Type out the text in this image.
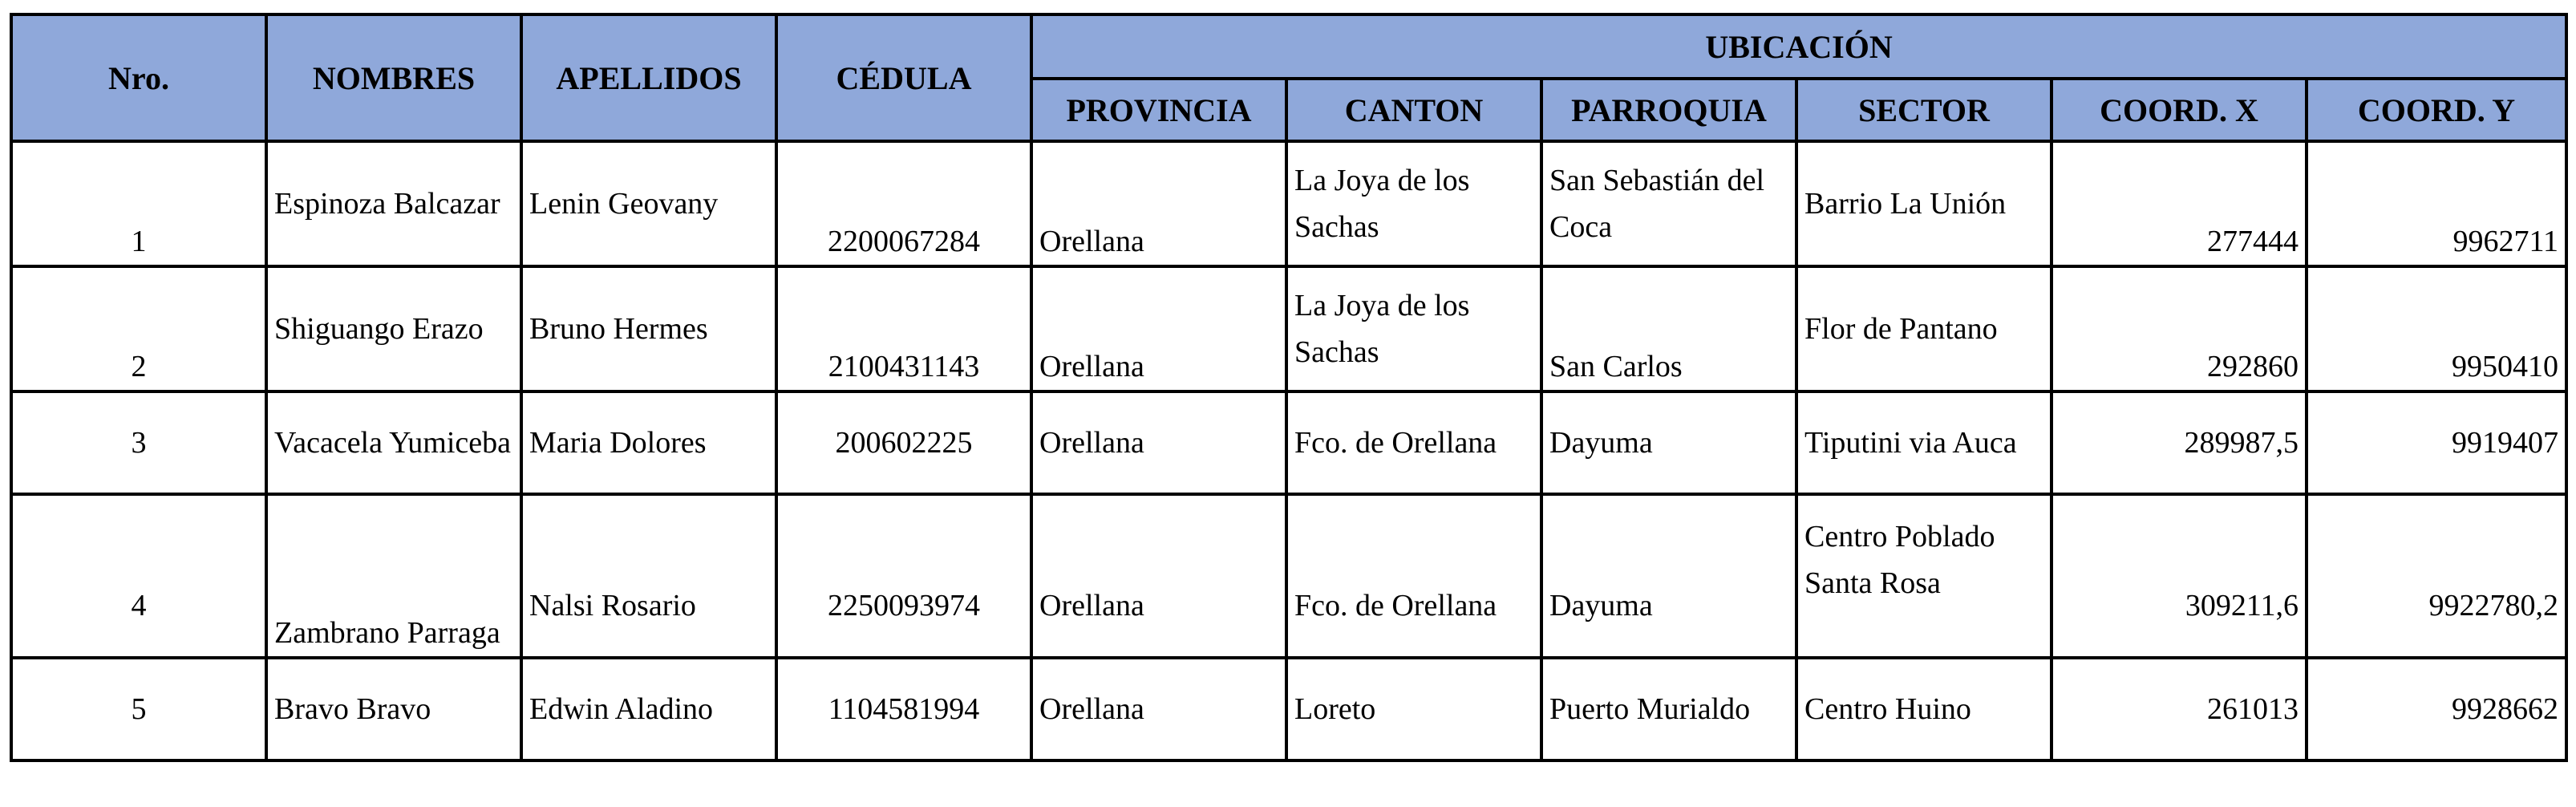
Nro.	NOMBRES	APELLIDOS	CÉDULA	UBICACIÓN					
				PROVINCIA	CANTON	PARROQUIA	SECTOR	COORD. X	COORD. Y
1	Espinoza Balcazar	Lenin Geovany	2200067284	Orellana	La Joya de los Sachas	San Sebastián del Coca	Barrio La Unión	277444	9962711
2	Shiguango Erazo	Bruno Hermes	2100431143	Orellana	La Joya de los Sachas	San Carlos	Flor de Pantano	292860	9950410
3	Vacacela Yumiceba	Maria Dolores	200602225	Orellana	Fco. de Orellana	Dayuma	Tiputini via Auca	289987,5	9919407
4	Zambrano Parraga	Nalsi Rosario	2250093974	Orellana	Fco. de Orellana	Dayuma	Centro Poblado Santa Rosa	309211,6	9922780,2
5	Bravo Bravo	Edwin Aladino	1104581994	Orellana	Loreto	Puerto Murialdo	Centro Huino	261013	9928662
